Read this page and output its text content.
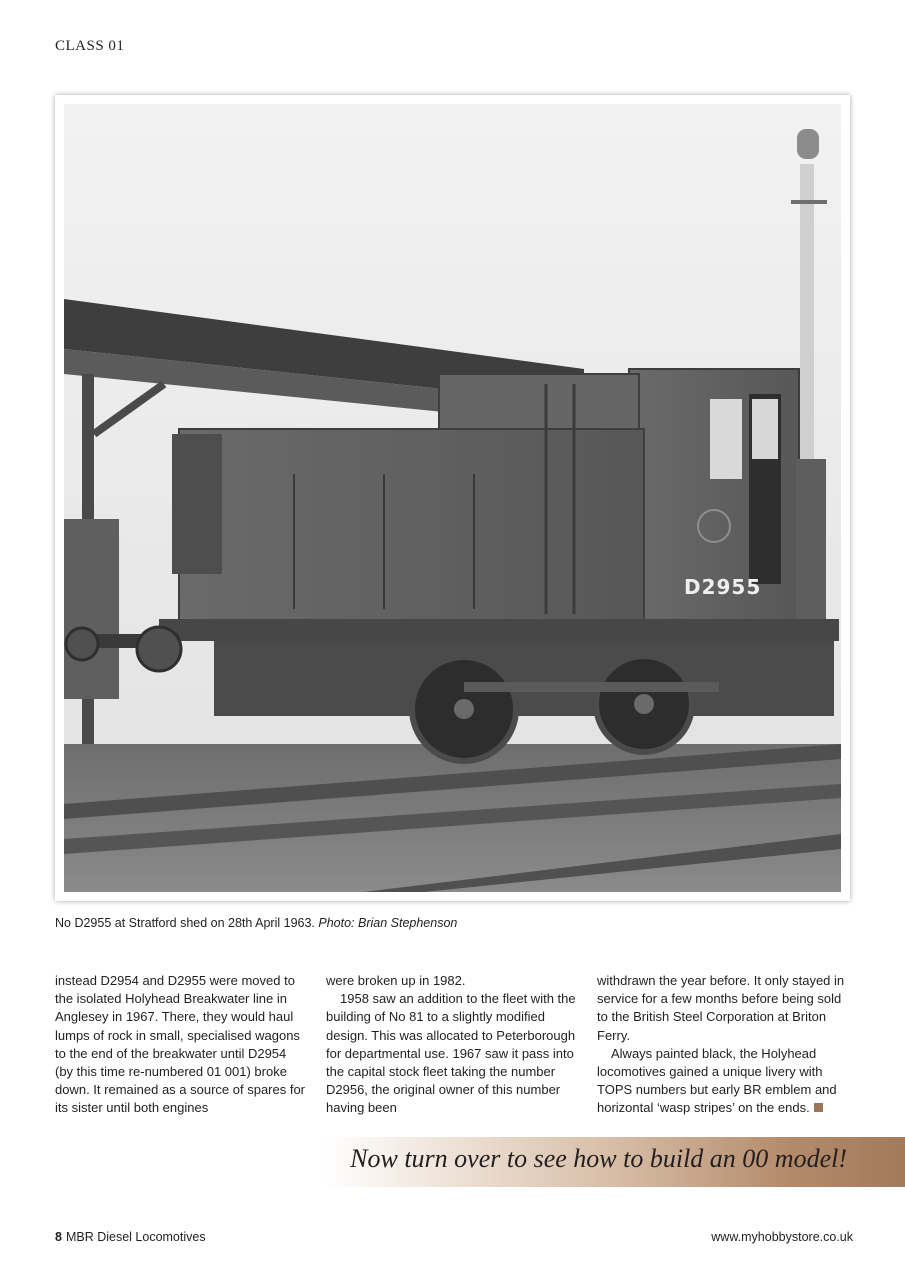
CLASS 01
D2955
No D2955 at Stratford shed on 28th April 1963. Photo: Brian Stephenson

instead D2954 and D2955 were moved to the isolated Holyhead Breakwater line in Anglesey in 1967. There, they would haul lumps of rock in small, specialised wagons to the end of the breakwater until D2954 (by this time re-numbered 01 001) broke down. It remained as a source of spares for its sister until both engines

were broken up in 1982.

1958 saw an addition to the fleet with the building of No 81 to a slightly modified design. This was allocated to Peterborough for departmental use. 1967 saw it pass into the capital stock fleet taking the number D2956, the original owner of this number having been

withdrawn the year before. It only stayed in service for a few months before being sold to the British Steel Corporation at Briton Ferry.

Always painted black, the Holyhead locomotives gained a unique livery with TOPS numbers but early BR emblem and horizontal ‘wasp stripes’ on the ends.

Now turn over to see how to build an 00 model!
8 MBR Diesel Locomotives	www.myhobbystore.co.uk
